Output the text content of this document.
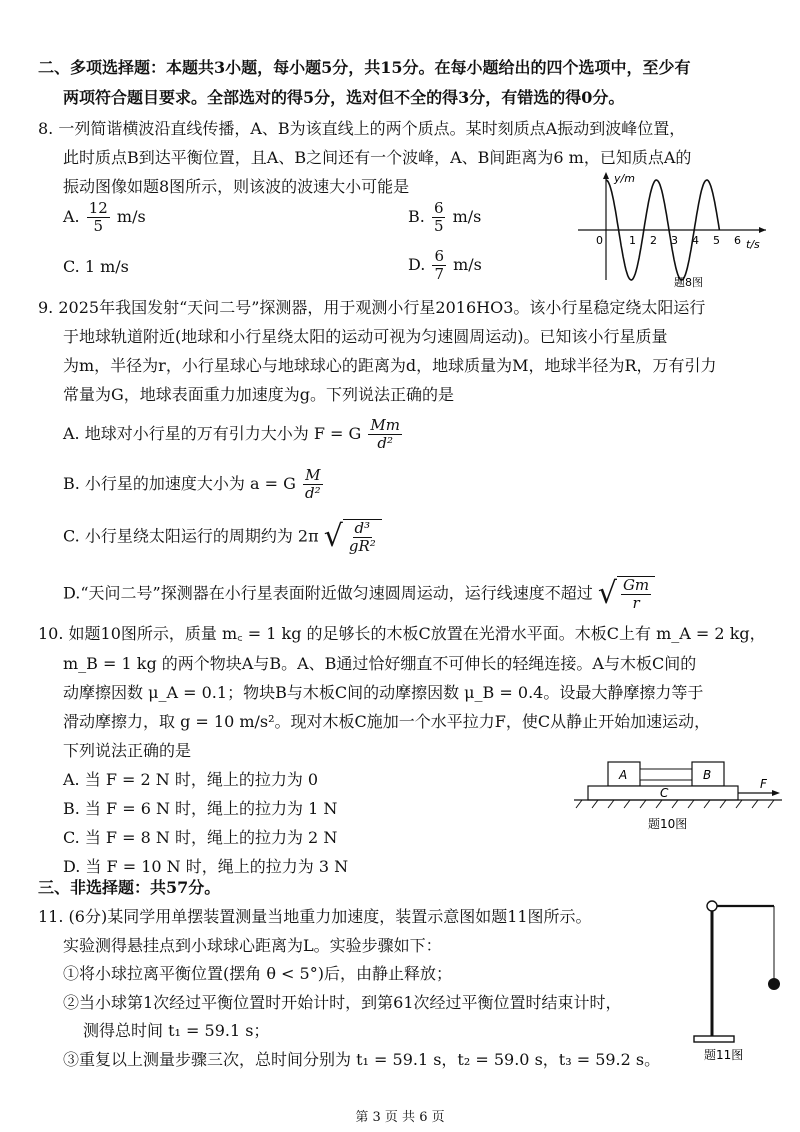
二、多项选择题：本题共3小题，每小题5分，共15分。在每小题给出的四个选项中，至少有
两项符合题目要求。全部选对的得5分，选对但不全的得3分，有错选的得0分。
8. 一列简谐横波沿直线传播，A、B为该直线上的两个质点。某时刻质点A振动到波峰位置，
此时质点B到达平衡位置，且A、B之间还有一个波峰，A、B间距离为6 m，已知质点A的
振动图像如题8图所示，则该波的波速大小可能是
A. $\frac{12}{5} m/s$	B. $\frac{6}{5} m/s$
C. 1 m/s	D. $\frac{6}{7} m/s$
y/m
t/s
0 1 2 3 4 5 6
题8图
9. 2025年我国发射“天问二号”探测器，用于观测小行星2016HO3。该小行星稳定绕太阳运行
于地球轨道附近(地球和小行星绕太阳的运动可视为匀速圆周运动)。已知该小行星质量
为m，半径为r，小行星球心与地球球心的距离为d，地球质量为M，地球半径为R，万有引力
常量为G，地球表面重力加速度为g。下列说法正确的是
A. 地球对小行星的万有引力大小为 F = G $\frac{Mm}{\text{d²}}$
B. 小行星的加速度大小为 a = G $\frac{M}{\text{d²}}$
C. 小行星绕太阳运行的周期约为 2π √ $\frac{\text{d³}}{\text{gR²}}$
D.“天问二号”探测器在小行星表面附近做匀速圆周运动，运行线速度不超过 √ $\frac{Gm}{r}$
10. 如题10图所示，质量 m꜀ = 1 kg 的足够长的木板C放置在光滑水平面。木板C上有 m_A = 2 kg，
m_B = 1 kg 的两个物块A与B。A、B通过恰好绷直不可伸长的轻绳连接。A与木板C间的
动摩擦因数 μ_A = 0.1；物块B与木板C间的动摩擦因数 μ_B = 0.4。设最大静摩擦力等于
滑动摩擦力，取 g = 10 m/s²。现对木板C施加一个水平拉力F，使C从静止开始加速运动，
下列说法正确的是
A. 当 F = 2 N 时，绳上的拉力为 0
B. 当 F = 6 N 时，绳上的拉力为 1 N
C. 当 F = 8 N 时，绳上的拉力为 2 N
D. 当 F = 10 N 时，绳上的拉力为 3 N
A	B
C
F
题10图
三、非选择题：共57分。
11. (6分)某同学用单摆装置测量当地重力加速度，装置示意图如题11图所示。
实验测得悬挂点到小球球心距离为L。实验步骤如下：
①将小球拉离平衡位置(摆角 θ < 5°)后，由静止释放；
②当小球第1次经过平衡位置时开始计时，到第61次经过平衡位置时结束计时，
测得总时间 t₁ = 59.1 s；
③重复以上测量步骤三次，总时间分别为 t₁ = 59.1 s，t₂ = 59.0 s，t₃ = 59.2 s。	题11图
第 3 页 共 6 页
